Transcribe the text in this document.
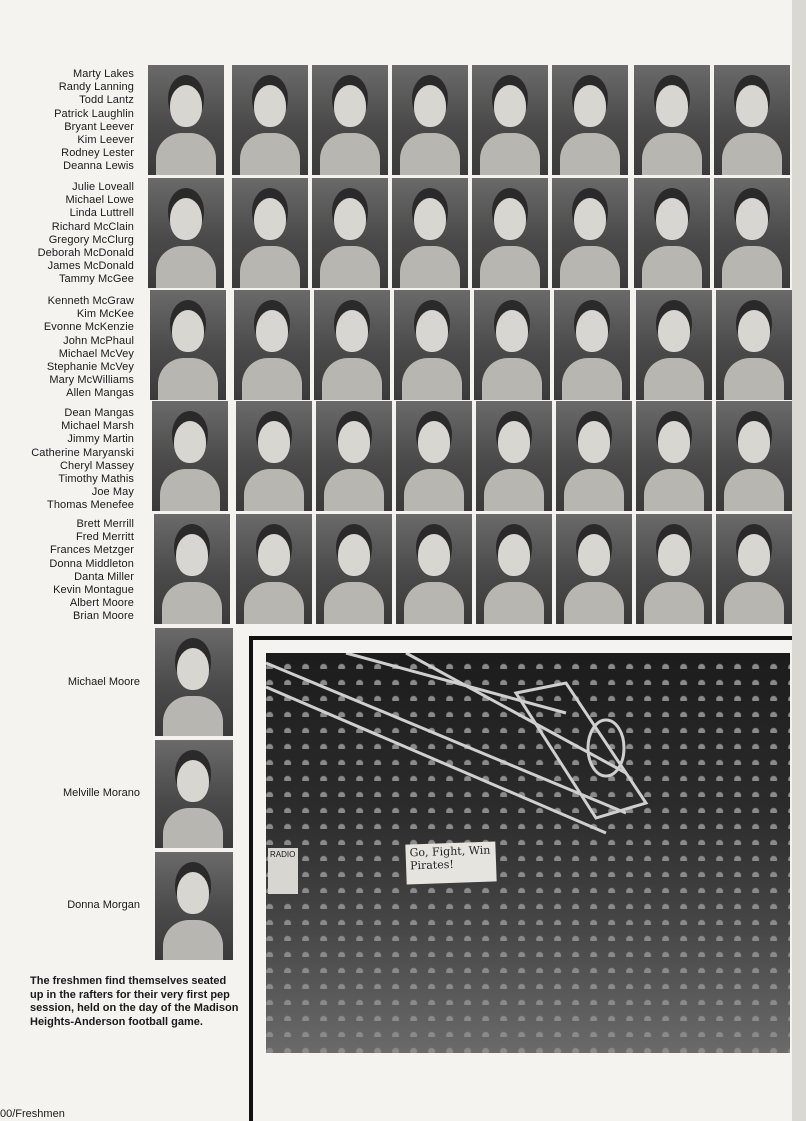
Marty Lakes
Randy Lanning
Todd Lantz
Patrick Laughlin
Bryant Leever
Kim Leever
Rodney Lester
Deanna Lewis
Julie Loveall
Michael Lowe
Linda Luttrell
Richard McClain
Gregory McClurg
Deborah McDonald
James McDonald
Tammy McGee
Kenneth McGraw
Kim McKee
Evonne McKenzie
John McPhaul
Michael McVey
Stephanie McVey
Mary McWilliams
Allen Mangas
Dean Mangas
Michael Marsh
Jimmy Martin
Catherine Maryanski
Cheryl Massey
Timothy Mathis
Joe May
Thomas Menefee
Brett Merrill
Fred Merritt
Frances Metzger
Donna Middleton
Danta Miller
Kevin Montague
Albert Moore
Brian Moore
Michael Moore
Melville Morano
Donna Morgan
Go, Fight, Win Pirates!
RADIO
The freshmen find themselves seated up in the rafters for their very first pep session, held on the day of the Madison Heights-Anderson football game.
00/Freshmen
